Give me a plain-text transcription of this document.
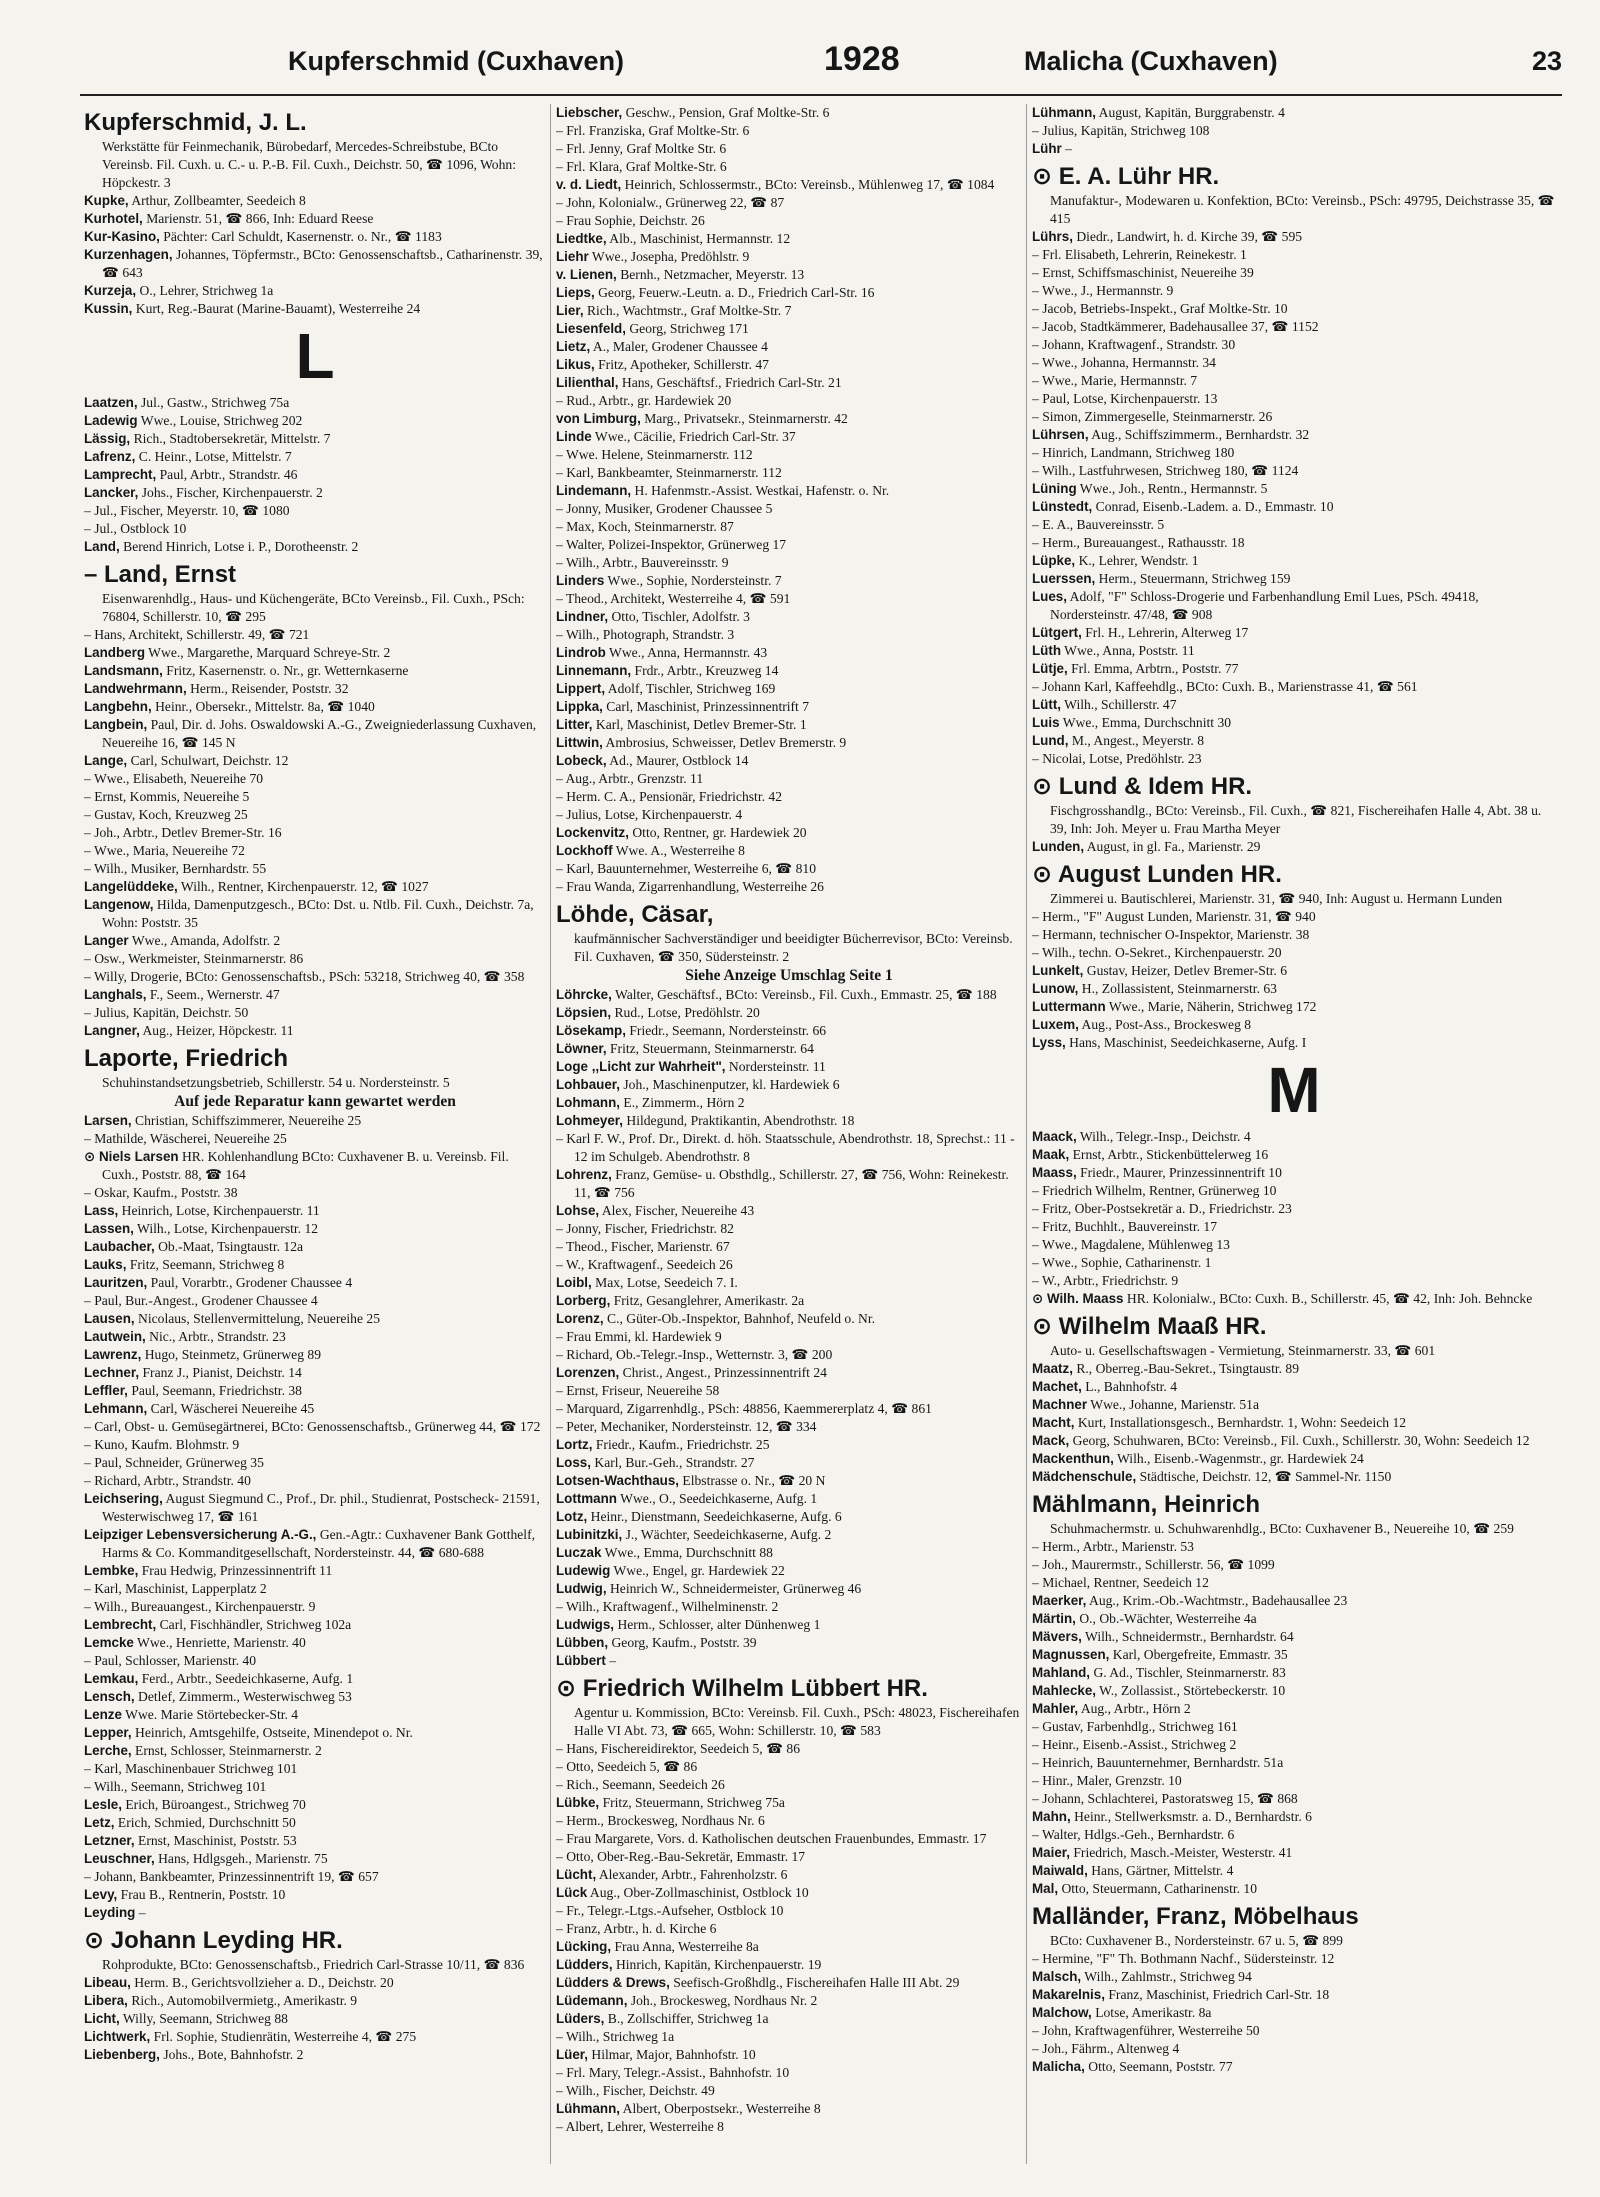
Kupferschmid (Cuxhaven)	1928	Malicha (Cuxhaven)	23
Kupferschmid, J. L.
Werkstätte für Feinmechanik, Bürobedarf, Mercedes-Schreibstube, BCto Vereinsb. Fil. Cuxh. u. C.- u. P.-B. Fil. Cuxh., Deichstr. 50, ☎ 1096, Wohn: Höpckestr. 3

Kupke, Arthur, Zollbeamter, Seedeich 8

Kurhotel, Marienstr. 51, ☎ 866, Inh: Eduard Reese

Kur-Kasino, Pächter: Carl Schuldt, Kasernenstr. o. Nr., ☎ 1183

Kurzenhagen, Johannes, Töpfermstr., BCto: Genossenschaftsb., Catharinenstr. 39, ☎ 643

Kurzeja, O., Lehrer, Strichweg 1a

Kussin, Kurt, Reg.-Baurat (Marine-Bauamt), Westerreihe 24

L

Laatzen, Jul., Gastw., Strichweg 75a

Ladewig Wwe., Louise, Strichweg 202

Lässig, Rich., Stadtobersekretär, Mittelstr. 7

Lafrenz, C. Heinr., Lotse, Mittelstr. 7

Lamprecht, Paul, Arbtr., Strandstr. 46

Lancker, Johs., Fischer, Kirchenpauerstr. 2

– Jul., Fischer, Meyerstr. 10, ☎ 1080

– Jul., Ostblock 10

Land, Berend Hinrich, Lotse i. P., Dorotheenstr. 2

– Land, Ernst
Eisenwarenhdlg., Haus- und Küchengeräte, BCto Vereinsb., Fil. Cuxh., PSch: 76804, Schillerstr. 10, ☎ 295

– Hans, Architekt, Schillerstr. 49, ☎ 721

Landberg Wwe., Margarethe, Marquard Schreye-Str. 2

Landsmann, Fritz, Kasernenstr. o. Nr., gr. Wetternkaserne

Landwehrmann, Herm., Reisender, Poststr. 32

Langbehn, Heinr., Obersekr., Mittelstr. 8a, ☎ 1040

Langbein, Paul, Dir. d. Johs. Oswaldowski A.-G., Zweigniederlassung Cuxhaven, Neuereihe 16, ☎ 145 N

Lange, Carl, Schulwart, Deichstr. 12

– Wwe., Elisabeth, Neuereihe 70

– Ernst, Kommis, Neuereihe 5

– Gustav, Koch, Kreuzweg 25

– Joh., Arbtr., Detlev Bremer-Str. 16

– Wwe., Maria, Neuereihe 72

– Wilh., Musiker, Bernhardstr. 55

Langelüddeke, Wilh., Rentner, Kirchenpauerstr. 12, ☎ 1027

Langenow, Hilda, Damenputzgesch., BCto: Dst. u. Ntlb. Fil. Cuxh., Deichstr. 7a, Wohn: Poststr. 35

Langer Wwe., Amanda, Adolfstr. 2

– Osw., Werkmeister, Steinmarnerstr. 86

– Willy, Drogerie, BCto: Genossenschaftsb., PSch: 53218, Strichweg 40, ☎ 358

Langhals, F., Seem., Wernerstr. 47

– Julius, Kapitän, Deichstr. 50

Langner, Aug., Heizer, Höpckestr. 11

Laporte, Friedrich
Schuhinstandsetzungsbetrieb, Schillerstr. 54 u. Nordersteinstr. 5
Auf jede Reparatur kann gewartet werden

Larsen, Christian, Schiffszimmerer, Neuereihe 25

– Mathilde, Wäscherei, Neuereihe 25

⊙ Niels Larsen HR. Kohlenhandlung BCto: Cuxhavener B. u. Vereinsb. Fil. Cuxh., Poststr. 88, ☎ 164

– Oskar, Kaufm., Poststr. 38

Lass, Heinrich, Lotse, Kirchenpauerstr. 11

Lassen, Wilh., Lotse, Kirchenpauerstr. 12

Laubacher, Ob.-Maat, Tsingtaustr. 12a

Lauks, Fritz, Seemann, Strichweg 8

Lauritzen, Paul, Vorarbtr., Grodener Chaussee 4

– Paul, Bur.-Angest., Grodener Chaussee 4

Lausen, Nicolaus, Stellenvermittelung, Neuereihe 25

Lautwein, Nic., Arbtr., Strandstr. 23

Lawrenz, Hugo, Steinmetz, Grünerweg 89

Lechner, Franz J., Pianist, Deichstr. 14

Leffler, Paul, Seemann, Friedrichstr. 38

Lehmann, Carl, Wäscherei Neuereihe 45

– Carl, Obst- u. Gemüsegärtnerei, BCto: Genossenschaftsb., Grünerweg 44, ☎ 172

– Kuno, Kaufm. Blohmstr. 9

– Paul, Schneider, Grünerweg 35

– Richard, Arbtr., Strandstr. 40

Leichsering, August Siegmund C., Prof., Dr. phil., Studienrat, Postscheck- 21591, Westerwischweg 17, ☎ 161

Leipziger Lebensversicherung A.-G., Gen.-Agtr.: Cuxhavener Bank Gotthelf, Harms & Co. Kommanditgesellschaft, Nordersteinstr. 44, ☎ 680-688

Lembke, Frau Hedwig, Prinzessinnentrift 11

– Karl, Maschinist, Lapperplatz 2

– Wilh., Bureauangest., Kirchenpauerstr. 9

Lembrecht, Carl, Fischhändler, Strichweg 102a

Lemcke Wwe., Henriette, Marienstr. 40

– Paul, Schlosser, Marienstr. 40

Lemkau, Ferd., Arbtr., Seedeichkaserne, Aufg. 1

Lensch, Detlef, Zimmerm., Westerwischweg 53

Lenze Wwe. Marie Störtebecker-Str. 4

Lepper, Heinrich, Amtsgehilfe, Ostseite, Minendepot o. Nr.

Lerche, Ernst, Schlosser, Steinmarnerstr. 2

– Karl, Maschinenbauer Strichweg 101

– Wilh., Seemann, Strichweg 101

Lesle, Erich, Büroangest., Strichweg 70

Letz, Erich, Schmied, Durchschnitt 50

Letzner, Ernst, Maschinist, Poststr. 53

Leuschner, Hans, Hdlgsgeh., Marienstr. 75

– Johann, Bankbeamter, Prinzessinnentrift 19, ☎ 657

Levy, Frau B., Rentnerin, Poststr. 10

Leyding –

⊙ Johann Leyding HR.
Rohprodukte, BCto: Genossenschaftsb., Friedrich Carl-Strasse 10/11, ☎ 836

Libeau, Herm. B., Gerichtsvollzieher a. D., Deichstr. 20

Libera, Rich., Automobilvermietg., Amerikastr. 9

Licht, Willy, Seemann, Strichweg 88

Lichtwerk, Frl. Sophie, Studienrätin, Westerreihe 4, ☎ 275

Liebenberg, Johs., Bote, Bahnhofstr. 2

Liebscher, Geschw., Pension, Graf Moltke-Str. 6

– Frl. Franziska, Graf Moltke-Str. 6

– Frl. Jenny, Graf Moltke Str. 6

– Frl. Klara, Graf Moltke-Str. 6

v. d. Liedt, Heinrich, Schlossermstr., BCto: Vereinsb., Mühlenweg 17, ☎ 1084

– John, Kolonialw., Grünerweg 22, ☎ 87

– Frau Sophie, Deichstr. 26

Liedtke, Alb., Maschinist, Hermannstr. 12

Liehr Wwe., Josepha, Predöhlstr. 9

v. Lienen, Bernh., Netzmacher, Meyerstr. 13

Lieps, Georg, Feuerw.-Leutn. a. D., Friedrich Carl-Str. 16

Lier, Rich., Wachtmstr., Graf Moltke-Str. 7

Liesenfeld, Georg, Strichweg 171

Lietz, A., Maler, Grodener Chaussee 4

Likus, Fritz, Apotheker, Schillerstr. 47

Lilienthal, Hans, Geschäftsf., Friedrich Carl-Str. 21

– Rud., Arbtr., gr. Hardewiek 20

von Limburg, Marg., Privatsekr., Steinmarnerstr. 42

Linde Wwe., Cäcilie, Friedrich Carl-Str. 37

– Wwe. Helene, Steinmarnerstr. 112

– Karl, Bankbeamter, Steinmarnerstr. 112

Lindemann, H. Hafenmstr.-Assist. Westkai, Hafenstr. o. Nr.

– Jonny, Musiker, Grodener Chaussee 5

– Max, Koch, Steinmarnerstr. 87

– Walter, Polizei-Inspektor, Grünerweg 17

– Wilh., Arbtr., Bauvereinsstr. 9

Linders Wwe., Sophie, Nordersteinstr. 7

– Theod., Architekt, Westerreihe 4, ☎ 591

Lindner, Otto, Tischler, Adolfstr. 3

– Wilh., Photograph, Strandstr. 3

Lindrob Wwe., Anna, Hermannstr. 43

Linnemann, Frdr., Arbtr., Kreuzweg 14

Lippert, Adolf, Tischler, Strichweg 169

Lippka, Carl, Maschinist, Prinzessinnentrift 7

Litter, Karl, Maschinist, Detlev Bremer-Str. 1

Littwin, Ambrosius, Schweisser, Detlev Bremerstr. 9

Lobeck, Ad., Maurer, Ostblock 14

– Aug., Arbtr., Grenzstr. 11

– Herm. C. A., Pensionär, Friedrichstr. 42

– Julius, Lotse, Kirchenpauerstr. 4

Lockenvitz, Otto, Rentner, gr. Hardewiek 20

Lockhoff Wwe. A., Westerreihe 8

– Karl, Bauunternehmer, Westerreihe 6, ☎ 810

– Frau Wanda, Zigarrenhandlung, Westerreihe 26

Löhde, Cäsar,
kaufmännischer Sachverständiger und beeidigter Bücherrevisor, BCto: Vereinsb. Fil. Cuxhaven, ☎ 350, Südersteinstr. 2
Siehe Anzeige Umschlag Seite 1

Löhrcke, Walter, Geschäftsf., BCto: Vereinsb., Fil. Cuxh., Emmastr. 25, ☎ 188

Löpsien, Rud., Lotse, Predöhlstr. 20

Lösekamp, Friedr., Seemann, Nordersteinstr. 66

Löwner, Fritz, Steuermann, Steinmarnerstr. 64

Loge ,,Licht zur Wahrheit", Nordersteinstr. 11

Lohbauer, Joh., Maschinenputzer, kl. Hardewiek 6

Lohmann, E., Zimmerm., Hörn 2

Lohmeyer, Hildegund, Praktikantin, Abendrothstr. 18

– Karl F. W., Prof. Dr., Direkt. d. höh. Staatsschule, Abendrothstr. 18, Sprechst.: 11 - 12 im Schulgeb. Abendrothstr. 8

Lohrenz, Franz, Gemüse- u. Obsthdlg., Schillerstr. 27, ☎ 756, Wohn: Reinekestr. 11, ☎ 756

Lohse, Alex, Fischer, Neuereihe 43

– Jonny, Fischer, Friedrichstr. 82

– Theod., Fischer, Marienstr. 67

– W., Kraftwagenf., Seedeich 26

Loibl, Max, Lotse, Seedeich 7. I.

Lorberg, Fritz, Gesanglehrer, Amerikastr. 2a

Lorenz, C., Güter-Ob.-Inspektor, Bahnhof, Neufeld o. Nr.

– Frau Emmi, kl. Hardewiek 9

– Richard, Ob.-Telegr.-Insp., Wetternstr. 3, ☎ 200

Lorenzen, Christ., Angest., Prinzessinnentrift 24

– Ernst, Friseur, Neuereihe 58

– Marquard, Zigarrenhdlg., PSch: 48856, Kaemmererplatz 4, ☎ 861

– Peter, Mechaniker, Nordersteinstr. 12, ☎ 334

Lortz, Friedr., Kaufm., Friedrichstr. 25

Loss, Karl, Bur.-Geh., Strandstr. 27

Lotsen-Wachthaus, Elbstrasse o. Nr., ☎ 20 N

Lottmann Wwe., O., Seedeichkaserne, Aufg. 1

Lotz, Heinr., Dienstmann, Seedeichkaserne, Aufg. 6

Lubinitzki, J., Wächter, Seedeichkaserne, Aufg. 2

Luczak Wwe., Emma, Durchschnitt 88

Ludewig Wwe., Engel, gr. Hardewiek 22

Ludwig, Heinrich W., Schneidermeister, Grünerweg 46

– Wilh., Kraftwagenf., Wilhelminenstr. 2

Ludwigs, Herm., Schlosser, alter Dünhenweg 1

Lübben, Georg, Kaufm., Poststr. 39

Lübbert –

⊙ Friedrich Wilhelm Lübbert HR.
Agentur u. Kommission, BCto: Vereinsb. Fil. Cuxh., PSch: 48023, Fischereihafen Halle VI Abt. 73, ☎ 665, Wohn: Schillerstr. 10, ☎ 583

– Hans, Fischereidirektor, Seedeich 5, ☎ 86

– Otto, Seedeich 5, ☎ 86

– Rich., Seemann, Seedeich 26

Lübke, Fritz, Steuermann, Strichweg 75a

– Herm., Brockesweg, Nordhaus Nr. 6

– Frau Margarete, Vors. d. Katholischen deutschen Frauenbundes, Emmastr. 17

– Otto, Ober-Reg.-Bau-Sekretär, Emmastr. 17

Lücht, Alexander, Arbtr., Fahrenholzstr. 6

Lück Aug., Ober-Zollmaschinist, Ostblock 10

– Fr., Telegr.-Ltgs.-Aufseher, Ostblock 10

– Franz, Arbtr., h. d. Kirche 6

Lücking, Frau Anna, Westerreihe 8a

Lüdders, Hinrich, Kapitän, Kirchenpauerstr. 19

Lüdders & Drews, Seefisch-Großhdlg., Fischereihafen Halle III Abt. 29

Lüdemann, Joh., Brockesweg, Nordhaus Nr. 2

Lüders, B., Zollschiffer, Strichweg 1a

– Wilh., Strichweg 1a

Lüer, Hilmar, Major, Bahnhofstr. 10

– Frl. Mary, Telegr.-Assist., Bahnhofstr. 10

– Wilh., Fischer, Deichstr. 49

Lühmann, Albert, Oberpostsekr., Westerreihe 8

– Albert, Lehrer, Westerreihe 8

Lühmann, August, Kapitän, Burggrabenstr. 4

– Julius, Kapitän, Strichweg 108

Lühr –

⊙ E. A. Lühr HR.
Manufaktur-, Modewaren u. Konfektion, BCto: Vereinsb., PSch: 49795, Deichstrasse 35, ☎ 415

Lührs, Diedr., Landwirt, h. d. Kirche 39, ☎ 595

– Frl. Elisabeth, Lehrerin, Reinekestr. 1

– Ernst, Schiffsmaschinist, Neuereihe 39

– Wwe., J., Hermannstr. 9

– Jacob, Betriebs-Inspekt., Graf Moltke-Str. 10

– Jacob, Stadtkämmerer, Badehausallee 37, ☎ 1152

– Johann, Kraftwagenf., Strandstr. 30

– Wwe., Johanna, Hermannstr. 34

– Wwe., Marie, Hermannstr. 7

– Paul, Lotse, Kirchenpauerstr. 13

– Simon, Zimmergeselle, Steinmarnerstr. 26

Lührsen, Aug., Schiffszimmerm., Bernhardstr. 32

– Hinrich, Landmann, Strichweg 180

– Wilh., Lastfuhrwesen, Strichweg 180, ☎ 1124

Lüning Wwe., Joh., Rentn., Hermannstr. 5

Lünstedt, Conrad, Eisenb.-Ladem. a. D., Emmastr. 10

– E. A., Bauvereinsstr. 5

– Herm., Bureauangest., Rathausstr. 18

Lüpke, K., Lehrer, Wendstr. 1

Luerssen, Herm., Steuermann, Strichweg 159

Lues, Adolf, "F" Schloss-Drogerie und Farbenhandlung Emil Lues, PSch. 49418, Nordersteinstr. 47/48, ☎ 908

Lütgert, Frl. H., Lehrerin, Alterweg 17

Lüth Wwe., Anna, Poststr. 11

Lütje, Frl. Emma, Arbtrn., Poststr. 77

– Johann Karl, Kaffeehdlg., BCto: Cuxh. B., Marienstrasse 41, ☎ 561

Lütt, Wilh., Schillerstr. 47

Luis Wwe., Emma, Durchschnitt 30

Lund, M., Angest., Meyerstr. 8

– Nicolai, Lotse, Predöhlstr. 23

⊙ Lund & Idem HR.
Fischgrosshandlg., BCto: Vereinsb., Fil. Cuxh., ☎ 821, Fischereihafen Halle 4, Abt. 38 u. 39, Inh: Joh. Meyer u. Frau Martha Meyer

Lunden, August, in gl. Fa., Marienstr. 29

⊙ August Lunden HR.
Zimmerei u. Bautischlerei, Marienstr. 31, ☎ 940, Inh: August u. Hermann Lunden

– Herm., "F" August Lunden, Marienstr. 31, ☎ 940

– Hermann, technischer O-Inspektor, Marienstr. 38

– Wilh., techn. O-Sekret., Kirchenpauerstr. 20

Lunkelt, Gustav, Heizer, Detlev Bremer-Str. 6

Lunow, H., Zollassistent, Steinmarnerstr. 63

Luttermann Wwe., Marie, Näherin, Strichweg 172

Luxem, Aug., Post-Ass., Brockesweg 8

Lyss, Hans, Maschinist, Seedeichkaserne, Aufg. I

M

Maack, Wilh., Telegr.-Insp., Deichstr. 4

Maak, Ernst, Arbtr., Stickenbüttelerweg 16

Maass, Friedr., Maurer, Prinzessinnentrift 10

– Friedrich Wilhelm, Rentner, Grünerweg 10

– Fritz, Ober-Postsekretär a. D., Friedrichstr. 23

– Fritz, Buchhlt., Bauvereinstr. 17

– Wwe., Magdalene, Mühlenweg 13

– Wwe., Sophie, Catharinenstr. 1

– W., Arbtr., Friedrichstr. 9

⊙ Wilh. Maass HR. Kolonialw., BCto: Cuxh. B., Schillerstr. 45, ☎ 42, Inh: Joh. Behncke

⊙ Wilhelm Maaß HR.
Auto- u. Gesellschaftswagen - Vermietung, Steinmarnerstr. 33, ☎ 601

Maatz, R., Oberreg.-Bau-Sekret., Tsingtaustr. 89

Machet, L., Bahnhofstr. 4

Machner Wwe., Johanne, Marienstr. 51a

Macht, Kurt, Installationsgesch., Bernhardstr. 1, Wohn: Seedeich 12

Mack, Georg, Schuhwaren, BCto: Vereinsb., Fil. Cuxh., Schillerstr. 30, Wohn: Seedeich 12

Mackenthun, Wilh., Eisenb.-Wagenmstr., gr. Hardewiek 24

Mädchenschule, Städtische, Deichstr. 12, ☎ Sammel-Nr. 1150

Mählmann, Heinrich
Schuhmachermstr. u. Schuhwarenhdlg., BCto: Cuxhavener B., Neuereihe 10, ☎ 259

– Herm., Arbtr., Marienstr. 53

– Joh., Maurermstr., Schillerstr. 56, ☎ 1099

– Michael, Rentner, Seedeich 12

Maerker, Aug., Krim.-Ob.-Wachtmstr., Badehausallee 23

Märtin, O., Ob.-Wächter, Westerreihe 4a

Mävers, Wilh., Schneidermstr., Bernhardstr. 64

Magnussen, Karl, Obergefreite, Emmastr. 35

Mahland, G. Ad., Tischler, Steinmarnerstr. 83

Mahlecke, W., Zollassist., Störtebeckerstr. 10

Mahler, Aug., Arbtr., Hörn 2

– Gustav, Farbenhdlg., Strichweg 161

– Heinr., Eisenb.-Assist., Strichweg 2

– Heinrich, Bauunternehmer, Bernhardstr. 51a

– Hinr., Maler, Grenzstr. 10

– Johann, Schlachterei, Pastoratsweg 15, ☎ 868

Mahn, Heinr., Stellwerksmstr. a. D., Bernhardstr. 6

– Walter, Hdlgs.-Geh., Bernhardstr. 6

Maier, Friedrich, Masch.-Meister, Westerstr. 41

Maiwald, Hans, Gärtner, Mittelstr. 4

Mal, Otto, Steuermann, Catharinenstr. 10

Malländer, Franz, Möbelhaus
BCto: Cuxhavener B., Nordersteinstr. 67 u. 5, ☎ 899

– Hermine, "F" Th. Bothmann Nachf., Südersteinstr. 12

Malsch, Wilh., Zahlmstr., Strichweg 94

Makarelnis, Franz, Maschinist, Friedrich Carl-Str. 18

Malchow, Lotse, Amerikastr. 8a

– John, Kraftwagenführer, Westerreihe 50

– Joh., Fährm., Altenweg 4

Malicha, Otto, Seemann, Poststr. 77
